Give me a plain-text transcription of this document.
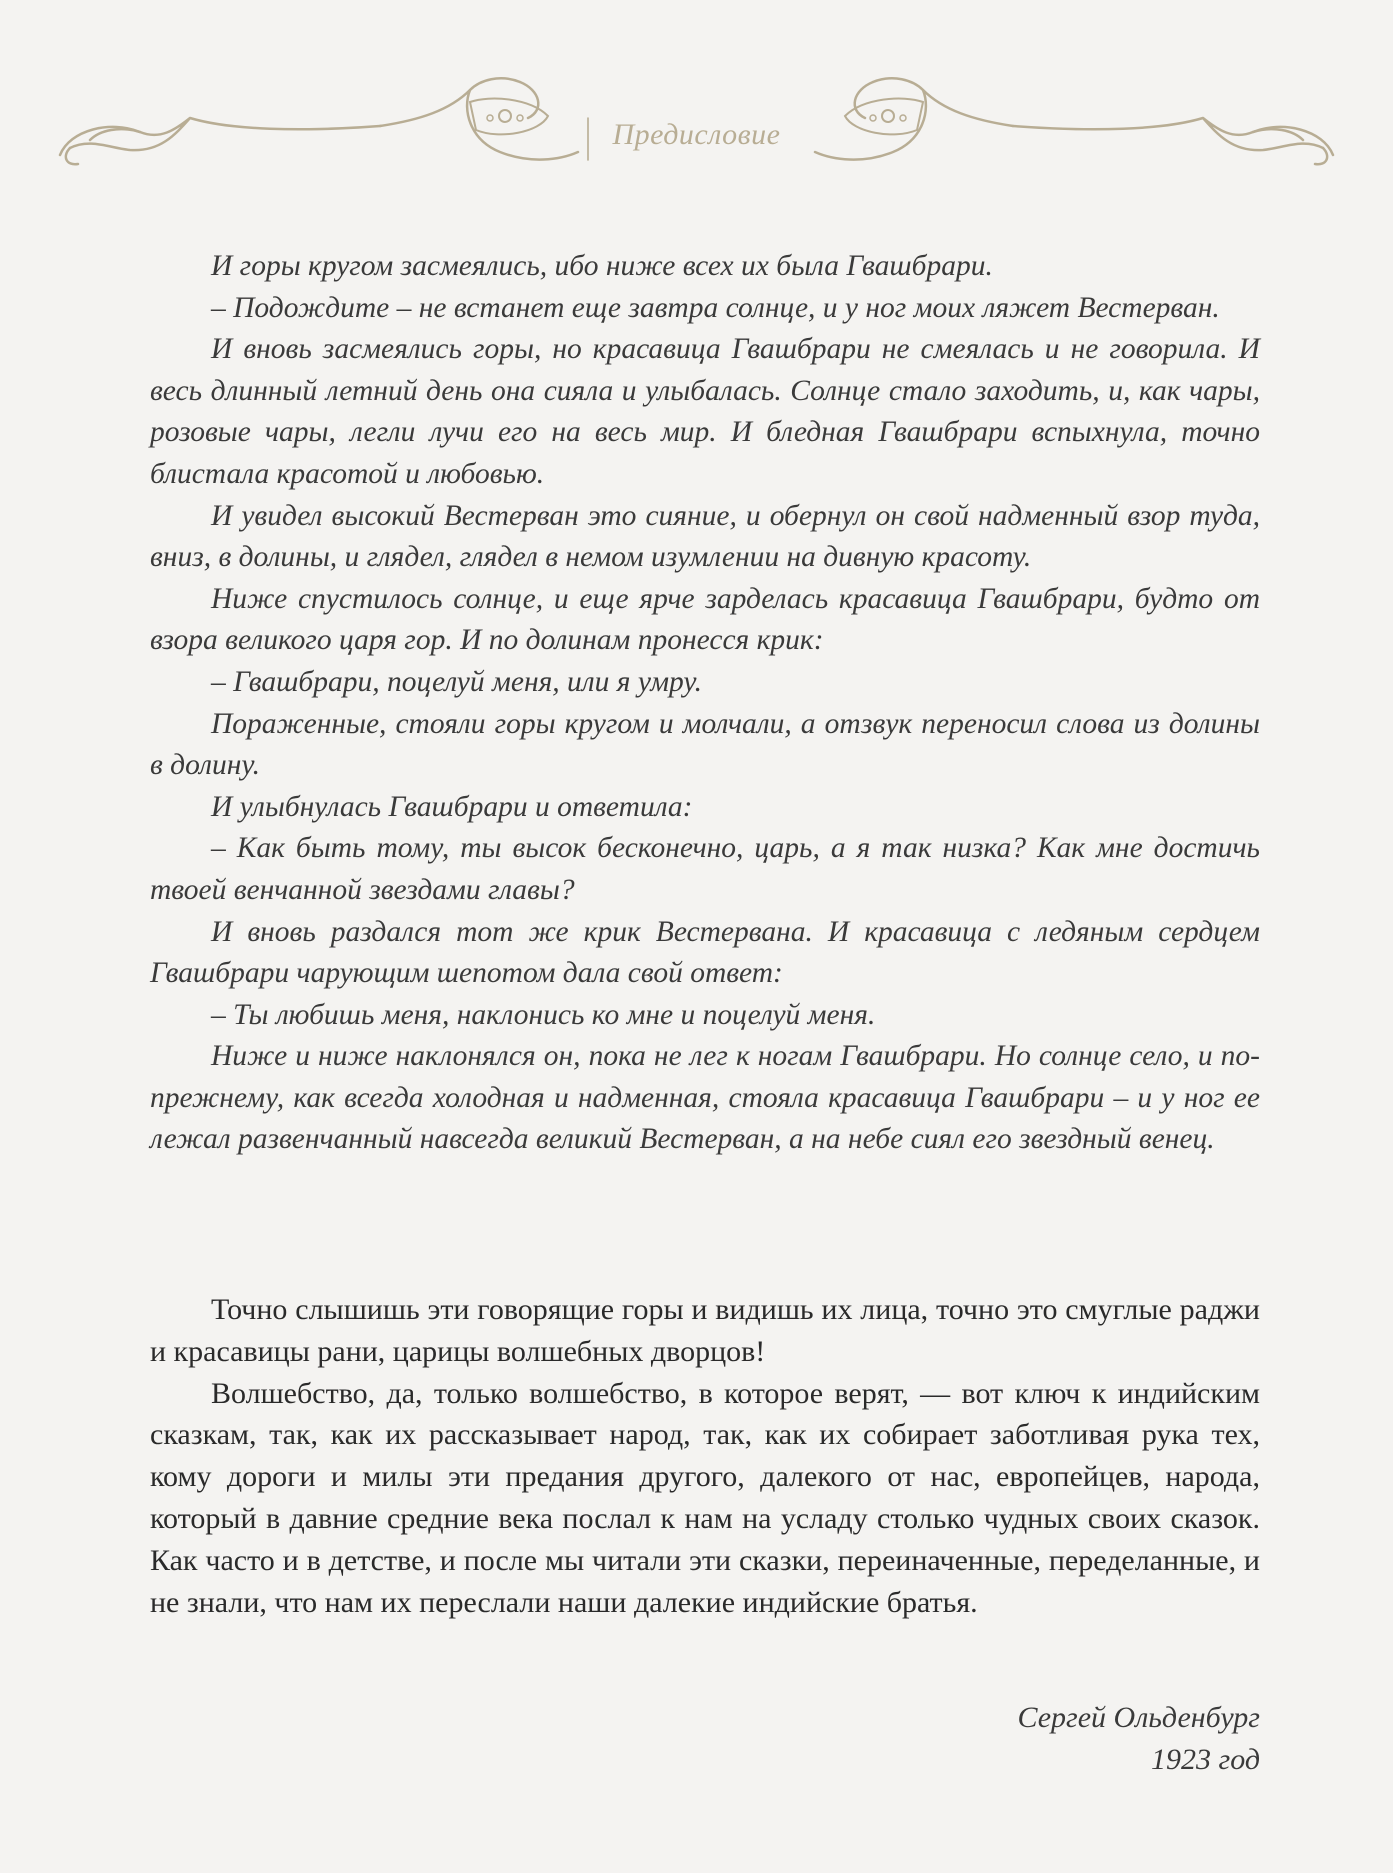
Предисловие

И горы кругом засмеялись, ибо ниже всех их была Гвашбрари.

– Подождите – не встанет еще завтра солнце, и у ног моих ляжет Вестерван.

И вновь засмеялись горы, но красавица Гвашбрари не смеялась и не говорила. И весь длинный летний день она сияла и улыбалась. Солнце стало заходить, и, как чары, розовые чары, легли лучи его на весь мир. И бледная Гвашбрари вспыхнула, точно блистала красотой и любовью.

И увидел высокий Вестерван это сияние, и обернул он свой надменный взор туда, вниз, в долины, и глядел, глядел в немом изумлении на дивную красоту.

Ниже спустилось солнце, и еще ярче зарделась красавица Гвашбрари, будто от взора великого царя гор. И по долинам пронесся крик:

– Гвашбрари, поцелуй меня, или я умру.

Пораженные, стояли горы кругом и молчали, а отзвук переносил слова из долины в долину.

И улыбнулась Гвашбрари и ответила:

– Как быть тому, ты высок бесконечно, царь, а я так низка? Как мне достичь твоей венчанной звездами главы?

И вновь раздался тот же крик Вестервана. И красавица с ледяным сердцем Гвашбрари чарующим шепотом дала свой ответ:

– Ты любишь меня, наклонись ко мне и поцелуй меня.

Ниже и ниже наклонялся он, пока не лег к ногам Гвашбрари. Но солнце село, и по-прежнему, как всегда холодная и надменная, стояла красавица Гвашбрари – и у ног ее лежал развенчанный навсегда великий Вестерван, а на небе сиял его звездный венец.

Точно слышишь эти говорящие горы и видишь их лица, точно это смуглые раджи и красавицы рани, царицы волшебных дворцов!

Волшебство, да, только волшебство, в которое верят, — вот ключ к индийским сказкам, так, как их рассказывает народ, так, как их собирает заботливая рука тех, кому дороги и милы эти предания другого, далекого от нас, европейцев, народа, который в давние средние века послал к нам на усладу столько чудных своих сказок. Как часто и в детстве, и после мы читали эти сказки, переиначенные, переделанные, и не знали, что нам их переслали наши далекие индийские братья.

Сергей Ольденбург
1923 год
